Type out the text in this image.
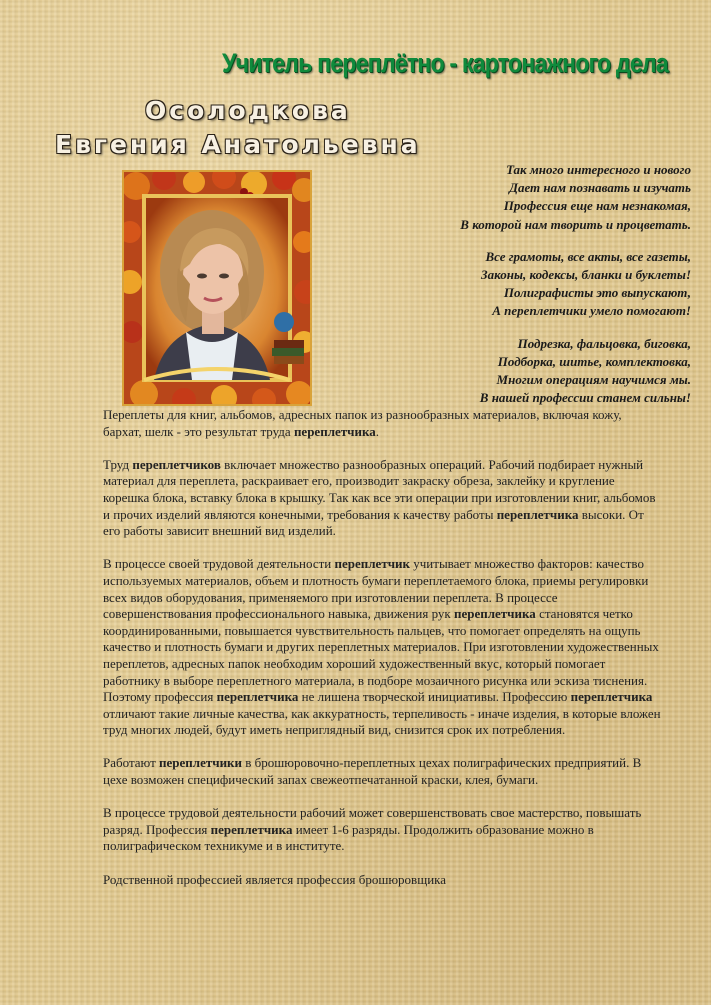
Учитель переплётно - картонажного дела
Осолодкова
Евгения Анатольевна
Так много интересного и нового
Дает нам познавать и изучать
Профессия еще нам незнакомая,
В которой нам творить и процветать.
Все грамоты, все акты, все газеты,
Законы, кодексы, бланки и буклеты!
Полиграфисты это выпускают,
А переплетчики умело помогают!
Подрезка, фальцовка, биговка,
Подборка, шитье, комплектовка,
Многим операциям научимся мы.
В нашей профессии станем сильны!

Переплеты для книг, альбомов, адресных папок из разнообразных материалов, включая кожу, бархат, шелк - это результат труда переплетчика.

Труд переплетчиков включает множество разнообразных операций. Рабочий подбирает нужный материал для переплета, раскраивает его, производит закраску обреза, заклейку и кругление корешка блока, вставку блока в крышку. Так как все эти операции при изготовлении книг, альбомов и прочих изделий являются конечными, требования к качеству работы переплетчика высоки. От его работы зависит внешний вид изделий.

В процессе своей трудовой деятельности переплетчик учитывает множество факторов: качество используемых материалов, объем и плотность бумаги переплетаемого блока, приемы регулировки всех видов оборудования, применяемого при изготовлении переплета. В процессе совершенствования профессионального навыка, движения рук переплетчика становятся четко координированными, повышается чувствительность пальцев, что помогает определять на ощупь качество и плотность бумаги и других переплетных материалов. При изготовлении художественных переплетов, адресных папок необходим хороший художественный вкус, который помогает работнику в выборе переплетного материала, в подборе мозаичного рисунка или эскиза тиснения. Поэтому профессия переплетчика не лишена творческой инициативы. Профессию переплетчика отличают такие личные качества, как аккуратность, терпеливость - иначе изделия, в которые вложен труд многих людей, будут иметь неприглядный вид, снизится срок их потребления.

Работают переплетчики в брошюровочно-переплетных цехах полиграфических предприятий. В цехе возможен специфический запах свежеотпечатанной краски, клея, бумаги.

В процессе трудовой деятельности рабочий может совершенствовать свое мастерство, повышать разряд. Профессия переплетчика имеет 1-6 разряды. Продолжить образование можно в полиграфическом техникуме и в институте.

Родственной профессией является профессия брошюровщика
